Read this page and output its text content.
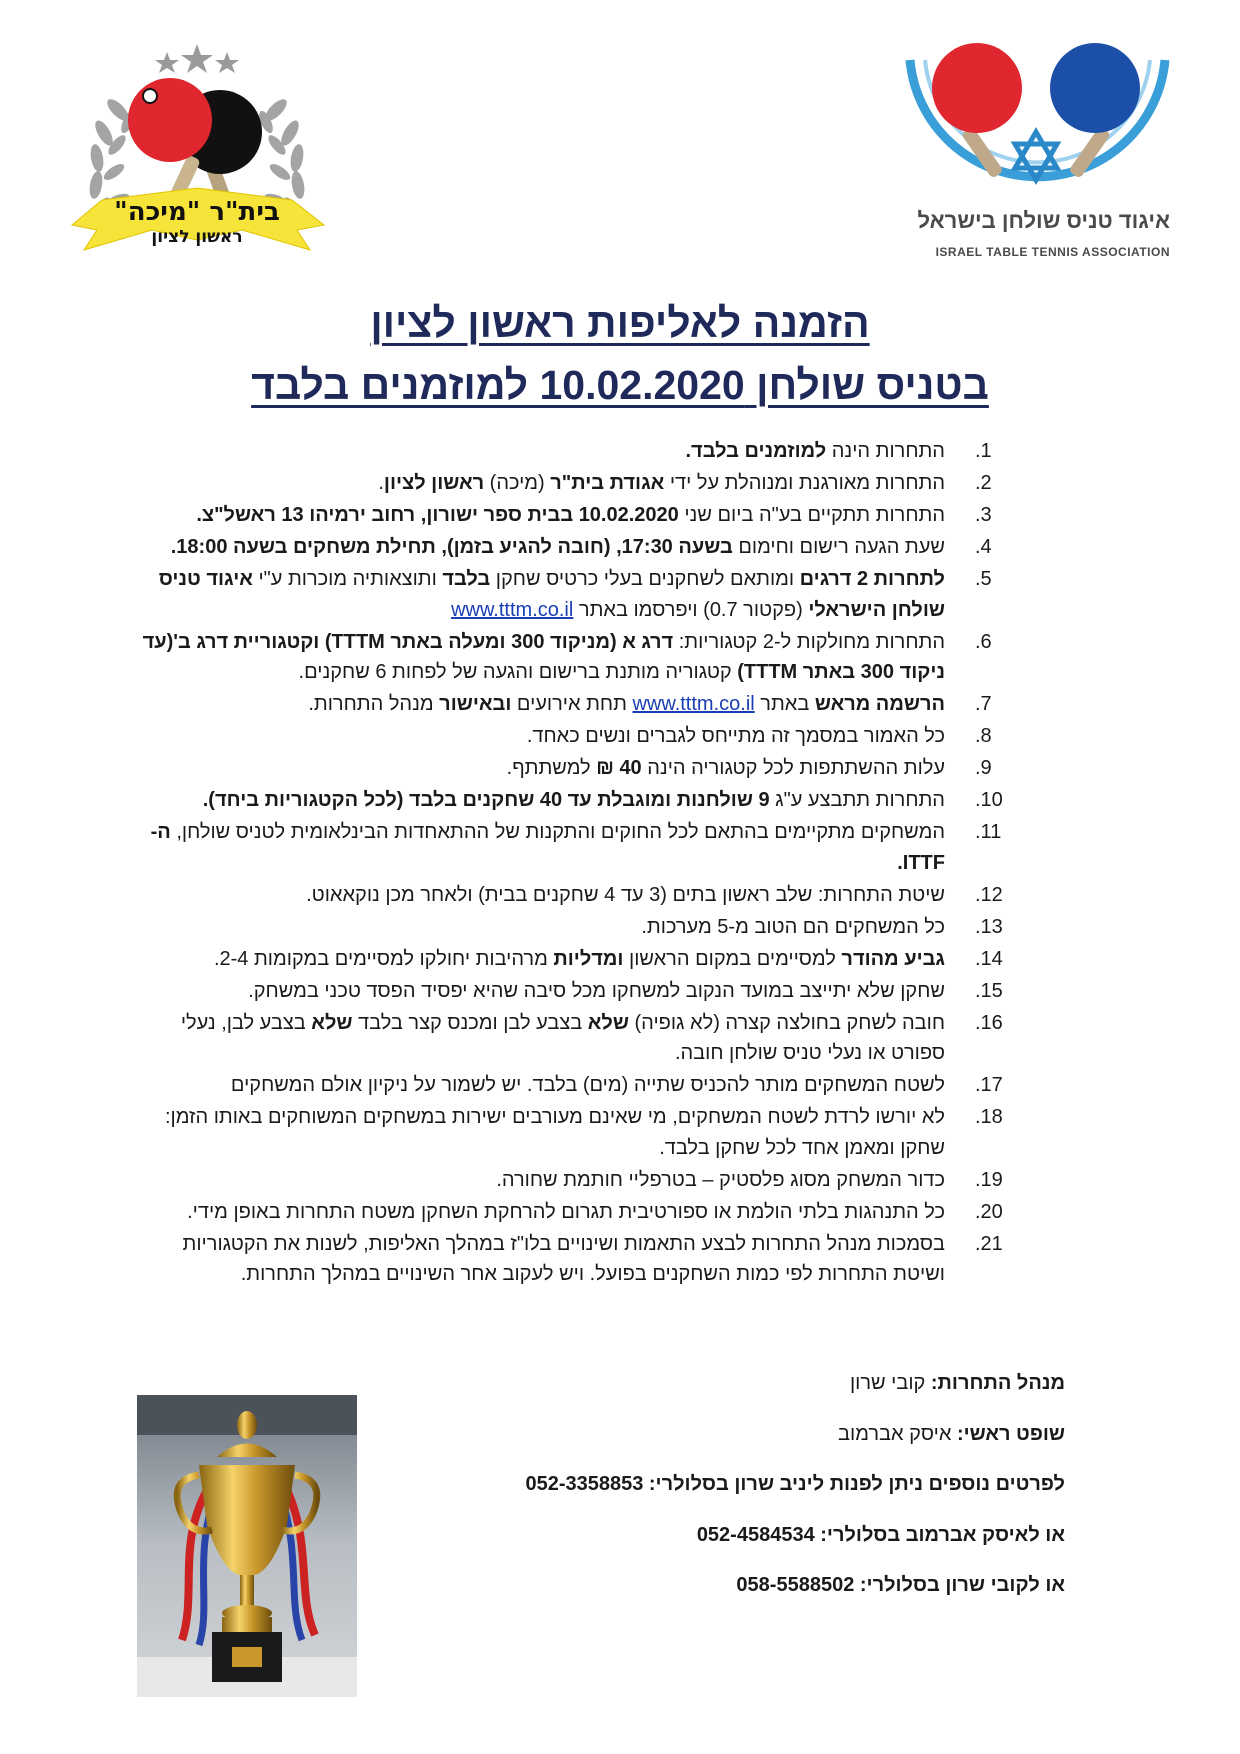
בית"ר "מיכה"
ראשון לציון
איגוד טניס שולחן בישראל
ISRAEL TABLE TENNIS ASSOCIATION
הזמנה לאליפות ראשון לציון
בטניס שולחן 10.02.2020 למוזמנים בלבד
.1
התחרות הינה למוזמנים בלבד.
.2
התחרות מאורגנת ומנוהלת על ידי אגודת בית"ר (מיכה) ראשון לציון.
.3
התחרות תתקיים בע"ה ביום שני 10.02.2020 בבית ספר ישורון, רחוב ירמיהו 13 ראשל"צ.
.4
שעת הגעה רישום וחימום בשעה 17:30, (חובה להגיע בזמן), תחילת משחקים בשעה 18:00.
.5
לתחרות 2 דרגים ומותאם לשחקנים בעלי כרטיס שחקן בלבד ותוצאותיה מוכרות ע"י איגוד טניס שולחן הישראלי (פקטור 0.7) ויפרסמו באתר www.tttm.co.il
.6
התחרות מחולקות ל-2 קטגוריות: דרג א (מניקוד 300 ומעלה באתר TTTM) וקטגוריית דרג ב'(עד ניקוד 300 באתר TTTM) קטגוריה מותנת ברישום והגעה של לפחות 6 שחקנים.
.7
הרשמה מראש באתר www.tttm.co.il תחת אירועים ובאישור מנהל התחרות.
.8
כל האמור במסמך זה מתייחס לגברים ונשים כאחד.
.9
עלות ההשתתפות לכל קטגוריה הינה 40 ₪ למשתתף.
.10
התחרות תתבצע ע"ג 9 שולחנות ומוגבלת עד 40 שחקנים בלבד (לכל הקטגוריות ביחד).
.11
המשחקים מתקיימים בהתאם לכל החוקים והתקנות של ההתאחדות הבינלאומית לטניס שולחן, ה-ITTF.
.12
שיטת התחרות: שלב ראשון בתים (3 עד 4 שחקנים בבית) ולאחר מכן נוקאאוט.
.13
כל המשחקים הם הטוב מ-5 מערכות.
.14
גביע מהודר למסיימים במקום הראשון ומדליות מרהיבות יחולקו למסיימים במקומות 2-4.
.15
שחקן שלא יתייצב במועד הנקוב למשחקו מכל סיבה שהיא יפסיד הפסד טכני במשחק.
.16
חובה לשחק בחולצה קצרה (לא גופיה) שלא בצבע לבן ומכנס קצר בלבד שלא בצבע לבן, נעלי ספורט או נעלי טניס שולחן חובה.
.17
לשטח המשחקים מותר להכניס שתייה (מים) בלבד. יש לשמור על ניקיון אולם המשחקים
.18
לא יורשו לרדת לשטח המשחקים, מי שאינם מעורבים ישירות במשחקים המשוחקים באותו הזמן: שחקן ומאמן אחד לכל שחקן בלבד.
.19
כדור המשחק מסוג פלסטיק – בטרפליי חותמת שחורה.
.20
כל התנהגות בלתי הולמת או ספורטיבית תגרום להרחקת השחקן משטח התחרות באופן מידי.
.21
בסמכות מנהל התחרות לבצע התאמות ושינויים בלו"ז במהלך האליפות, לשנות את הקטגוריות ושיטת התחרות לפי כמות השחקנים בפועל. ויש לעקוב אחר השינויים במהלך התחרות.
מנהל התחרות: קובי שרון
שופט ראשי: איסק אברמוב
לפרטים נוספים ניתן לפנות ליניב שרון בסלולרי: 052-3358853
או לאיסק אברמוב בסלולרי: 052-4584534
או לקובי שרון בסלולרי: 058-5588502
